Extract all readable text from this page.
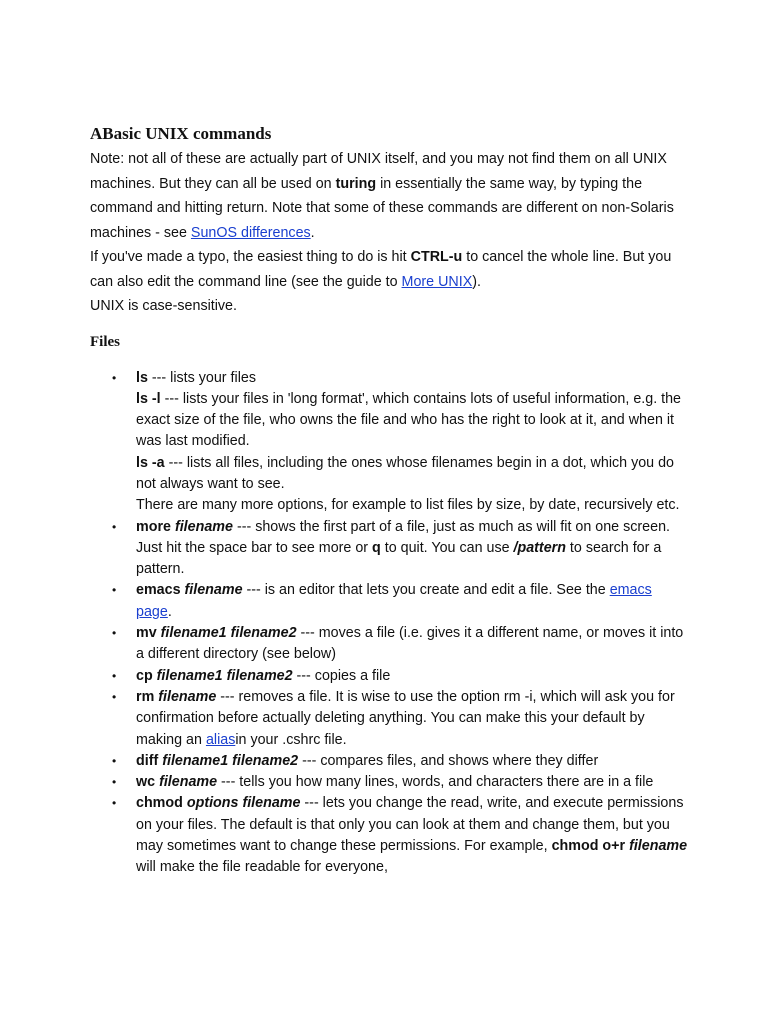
ABasic UNIX commands

Note: not all of these are actually part of UNIX itself, and you may not find them on all UNIX machines. But they can all be used on turing in essentially the same way, by typing the command and hitting return. Note that some of these commands are different on non-Solaris machines - see SunOS differences.

If you've made a typo, the easiest thing to do is hit CTRL-u to cancel the whole line. But you can also edit the command line (see the guide to More UNIX).

UNIX is case-sensitive.

Files
• ls --- lists your files
ls -l --- lists your files in 'long format', which contains lots of useful information, e.g. the exact size of the file, who owns the file and who has the right to look at it, and when it was last modified.
ls -a --- lists all files, including the ones whose filenames begin in a dot, which you do not always want to see.
There are many more options, for example to list files by size, by date, recursively etc.
• more filename --- shows the first part of a file, just as much as will fit on one screen. Just hit the space bar to see more or q to quit. You can use /pattern to search for a pattern.
• emacs filename --- is an editor that lets you create and edit a file. See the emacs page.
• mv filename1 filename2 --- moves a file (i.e. gives it a different name, or moves it into a different directory (see below)
• cp filename1 filename2 --- copies a file
• rm filename --- removes a file. It is wise to use the option rm -i, which will ask you for confirmation before actually deleting anything. You can make this your default by making an aliasin your .cshrc file.
• diff filename1 filename2 --- compares files, and shows where they differ
• wc filename --- tells you how many lines, words, and characters there are in a file
• chmod options filename --- lets you change the read, write, and execute permissions on your files. The default is that only you can look at them and change them, but you may sometimes want to change these permissions. For example, chmod o+r filename will make the file readable for everyone,
